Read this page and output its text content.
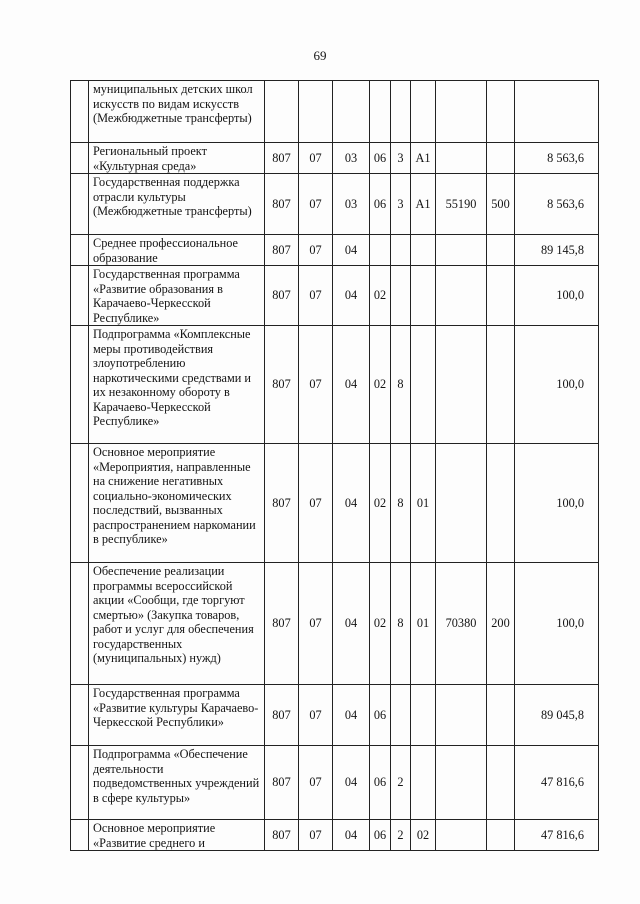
69
	муниципальных детских школ искусств по видам искусств (Межбюджетные трансферты)									
	Региональный проект «Культурная среда»	807	07	03	06	3	А1			8 563,6
	Государственная поддержка отрасли культуры (Межбюджетные трансферты)	807	07	03	06	3	А1	55190	500	8 563,6
	Среднее профессиональное образование	807	07	04						89 145,8
	Государственная программа «Развитие образования в Карачаево-Черкесской Республике»	807	07	04	02					100,0
	Подпрограмма «Комплексные меры противодействия злоупотреблению наркотическими средствами и их незаконному обороту в Карачаево-Черкесской Республике»	807	07	04	02	8				100,0
	Основное мероприятие «Мероприятия, направленные на снижение негативных социально-экономических последствий, вызванных распространением наркомании в республике»	807	07	04	02	8	01			100,0
	Обеспечение реализации программы всероссийской акции «Сообщи, где торгуют смертью» (Закупка товаров, работ и услуг для обеспечения государственных (муниципальных) нужд)	807	07	04	02	8	01	70380	200	100,0
	Государственная программа «Развитие культуры Карачаево-Черкесской Республики»	807	07	04	06					89 045,8
	Подпрограмма «Обеспечение деятельности подведомственных учреждений в сфере культуры»	807	07	04	06	2				47 816,6
	Основное мероприятие «Развитие среднего и	807	07	04	06	2	02			47 816,6
